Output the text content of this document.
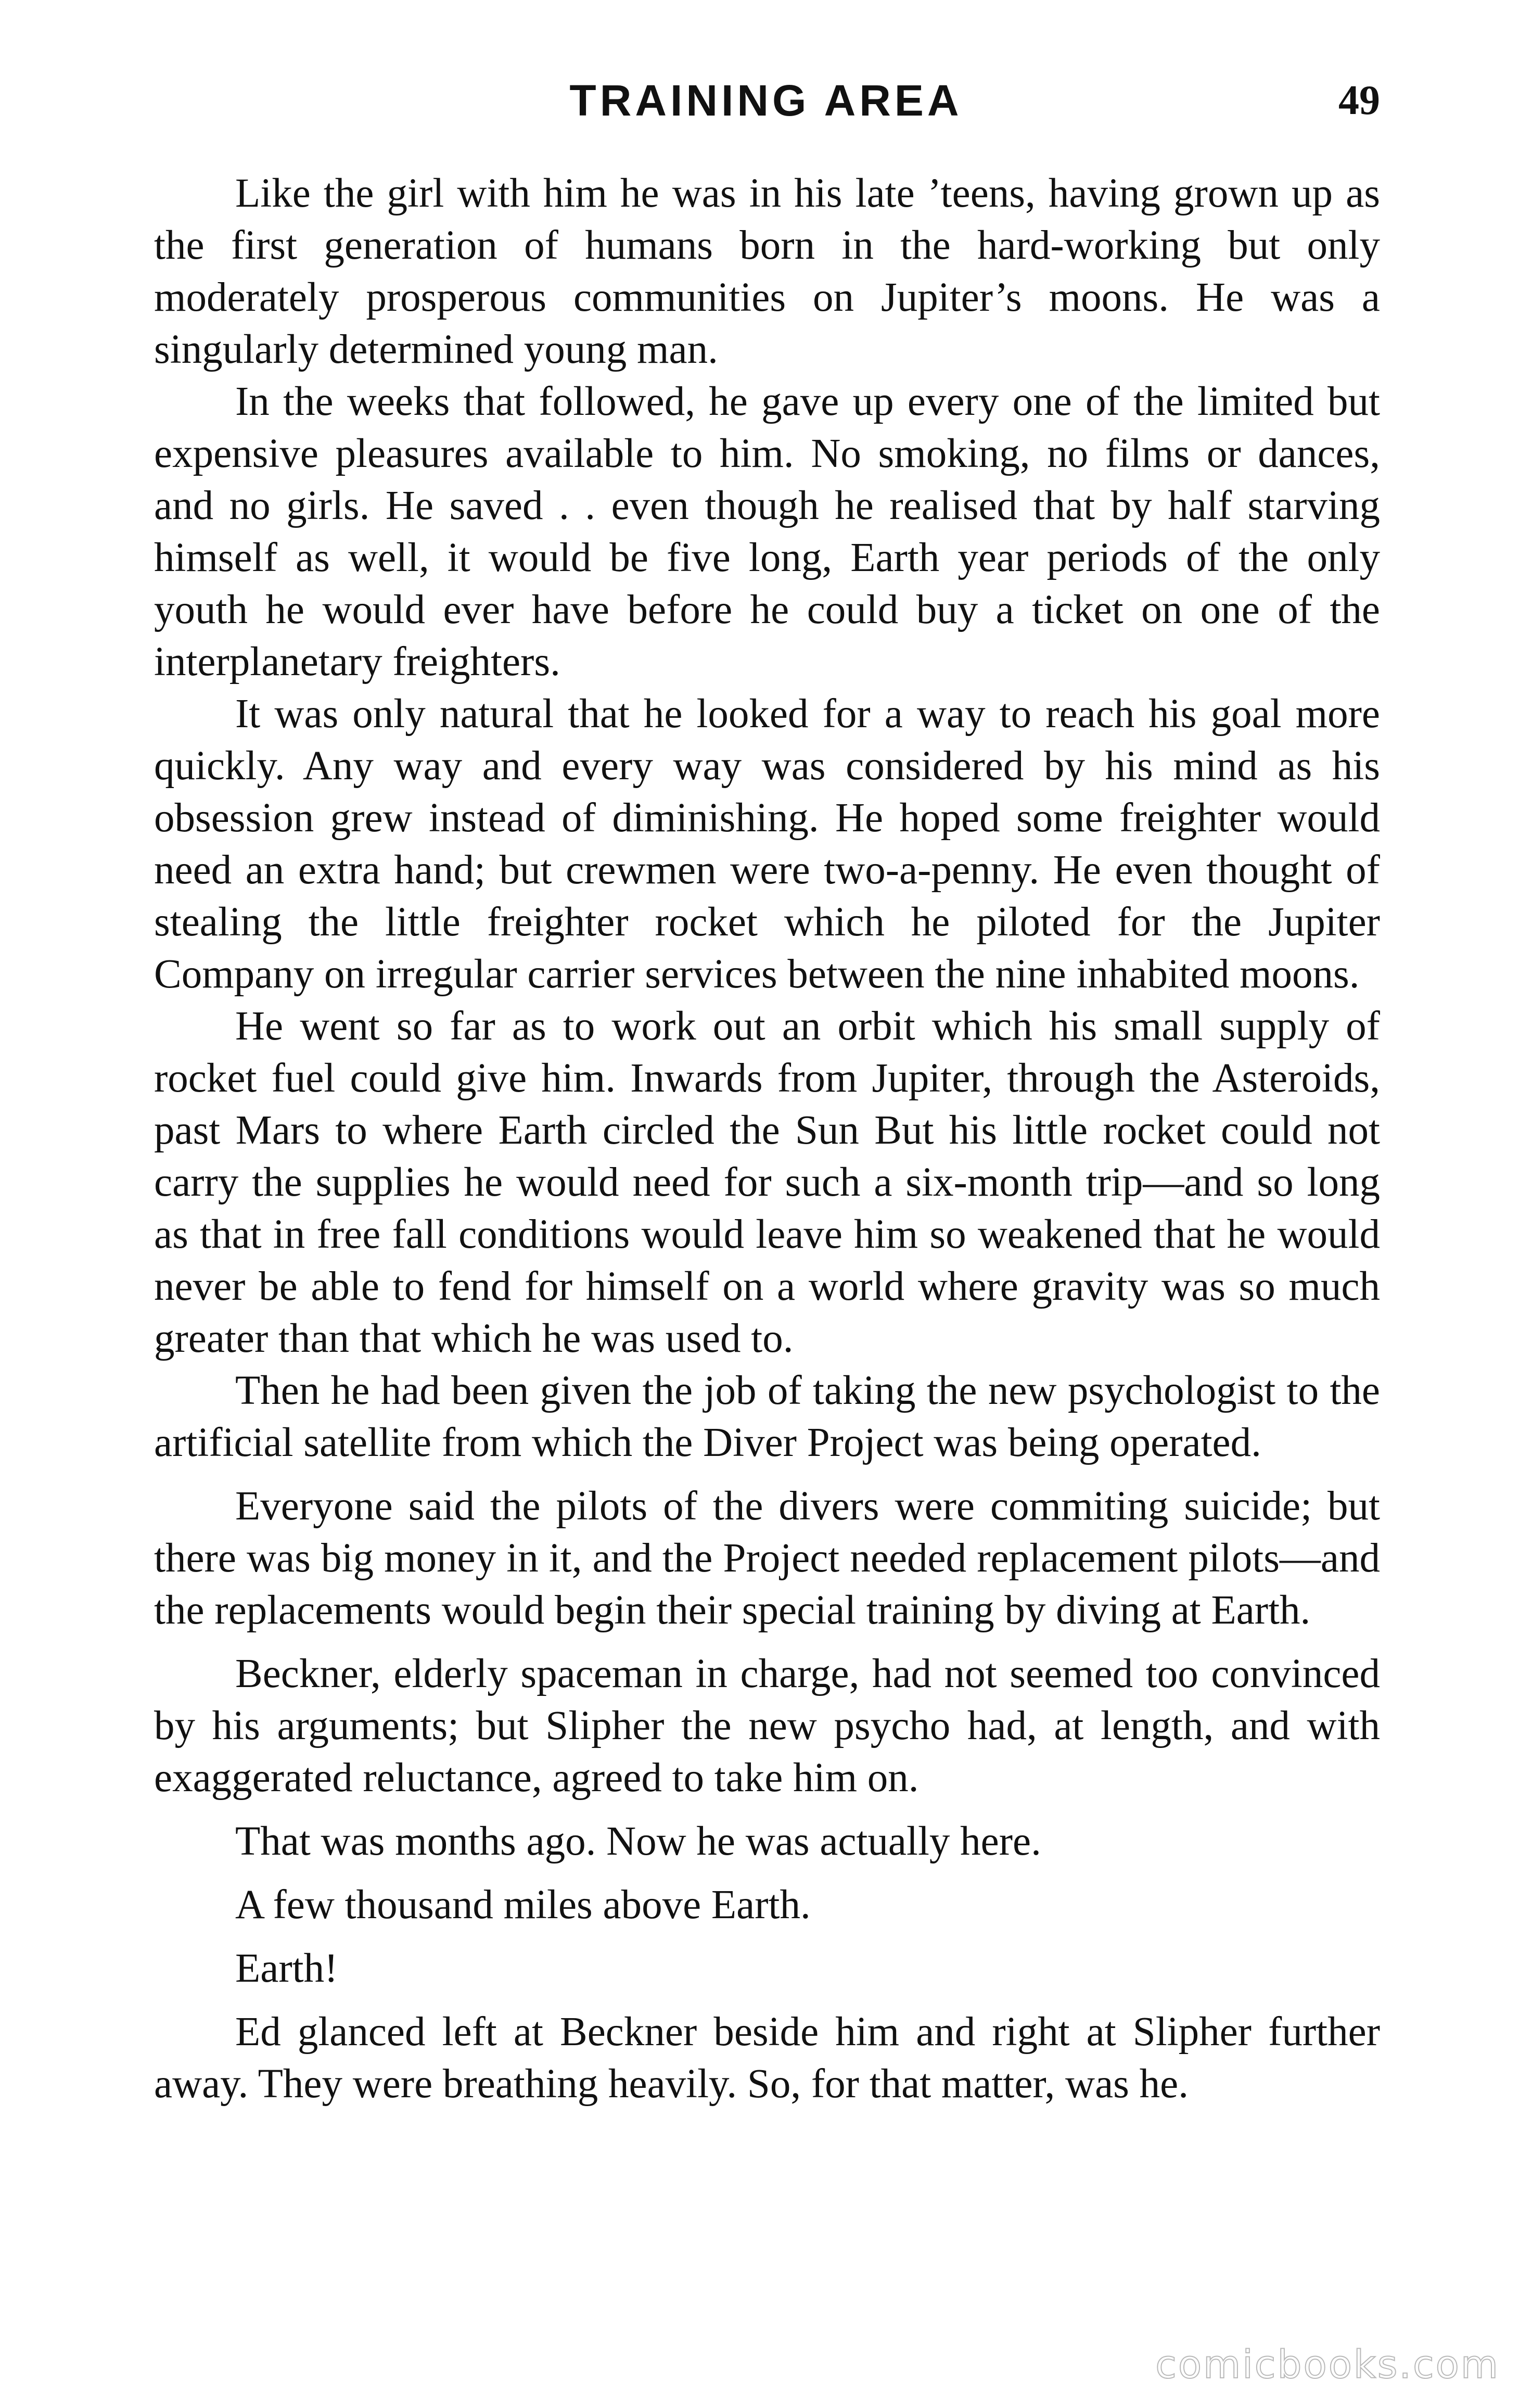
TRAINING AREA	49

Like the girl with him he was in his late ’teens, having grown up as the first generation of humans born in the hard-working but only moderately prosperous communities on Jupiter’s moons. He was a singularly determined young man.

In the weeks that followed, he gave up every one of the limited but expensive pleasures available to him. No smoking, no films or dances, and no girls. He saved . . even though he realised that by half starving himself as well, it would be five long, Earth year periods of the only youth he would ever have before he could buy a ticket on one of the interplanetary freighters.

It was only natural that he looked for a way to reach his goal more quickly. Any way and every way was considered by his mind as his obsession grew instead of diminishing. He hoped some freighter would need an extra hand; but crewmen were two-a-penny. He even thought of stealing the little freighter rocket which he piloted for the Jupiter Company on irregular carrier services between the nine inhabited moons.

He went so far as to work out an orbit which his small supply of rocket fuel could give him. Inwards from Jupiter, through the Asteroids, past Mars to where Earth circled the Sun But his little rocket could not carry the supplies he would need for such a six-month trip—and so long as that in free fall conditions would leave him so weakened that he would never be able to fend for himself on a world where gravity was so much greater than that which he was used to.

Then he had been given the job of taking the new psychologist to the artificial satellite from which the Diver Project was being operated.

Everyone said the pilots of the divers were commiting suicide; but there was big money in it, and the Project needed replacement pilots—and the replacements would begin their special training by diving at Earth.

Beckner, elderly spaceman in charge, had not seemed too convinced by his arguments; but Slipher the new psycho had, at length, and with exaggerated reluctance, agreed to take him on.

That was months ago. Now he was actually here.

A few thousand miles above Earth.

Earth!

Ed glanced left at Beckner beside him and right at Slipher further away. They were breathing heavily. So, for that matter, was he.

comicbooks.com
